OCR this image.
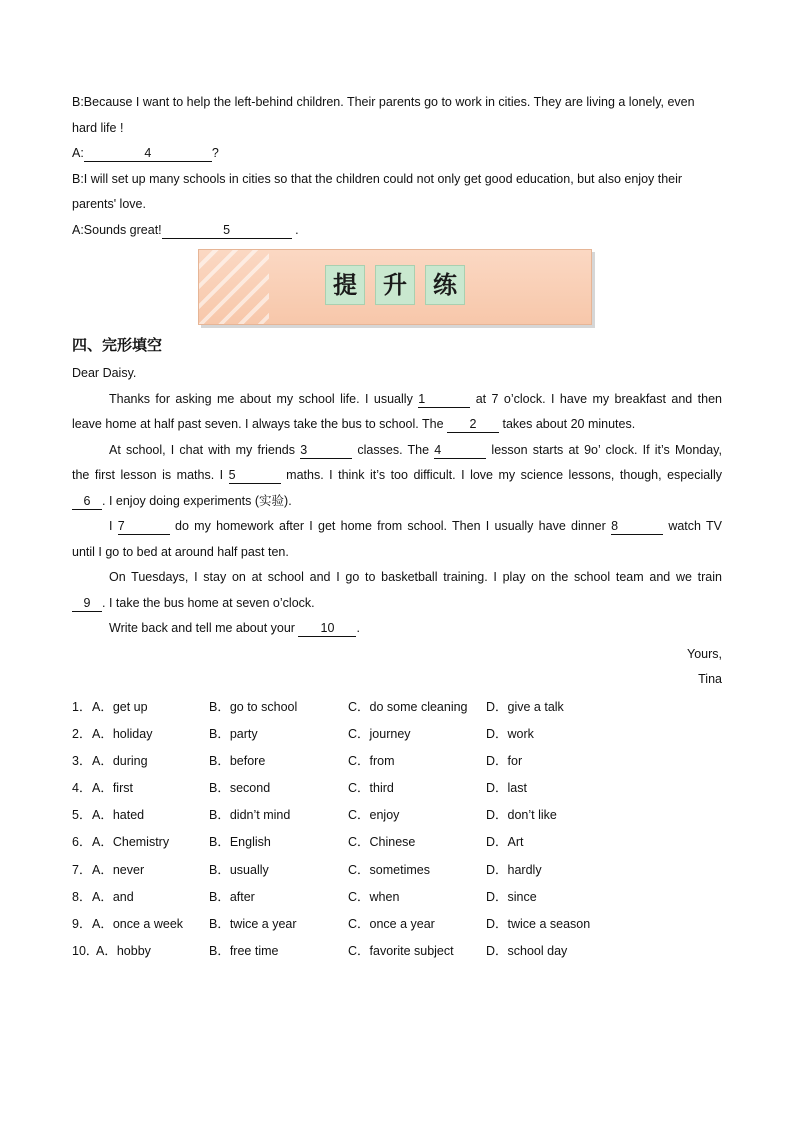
B:Because I want to help the left-behind children. Their parents go to work in cities. They are living a lonely, even
hard life !
A:	4	?
B:I will set up many schools in cities so that the children could not only get good education, but also enjoy their
parents' love.
A:Sounds great!	5	.
提 升 练
四、完形填空
Dear Daisy.
Thanks for asking me about my school life. I usually 1	at 7 o’clock. I have my breakfast and then
leave home at half past seven. I always take the bus to school. The 2 takes about 20 minutes.
At school, I chat with my friends 3	classes. The 4	lesson starts at 9o’ clock. If it’s Monday,
the first lesson is maths. I 5	maths. I think it’s too difficult. I love my science lessons, though, especially
6 . I enjoy doing experiments (实验).
I 7	do my homework after I get home from school. Then I usually have dinner 8	watch TV
until I go to bed at around half past ten.
On Tuesdays, I stay on at school and I go to basketball training. I play on the school team and we train
9 . I take the bus home at seven o’clock.
Write back and tell me about your 10 .
Yours,
Tina
1． A．get up	B．go to school	C．do some cleaning D．give a talk
2． A．holiday	B．party	C．journey	D．work
3． A．during	B．before	C．from	D．for
4． A．first	B．second	C．third	D．last
5． A．hated	B．didn’t mind	C．enjoy	D．don’t like
6． A．Chemistry	B．English	C．Chinese	D．Art
7． A．never	B．usually	C．sometimes	D．hardly
8． A．and	B．after	C．when	D．since
9． A．once a week B．twice a year	C．once a year	D．twice a season
10．
A．hobby	B．free time	C．favorite subject	D．school day
